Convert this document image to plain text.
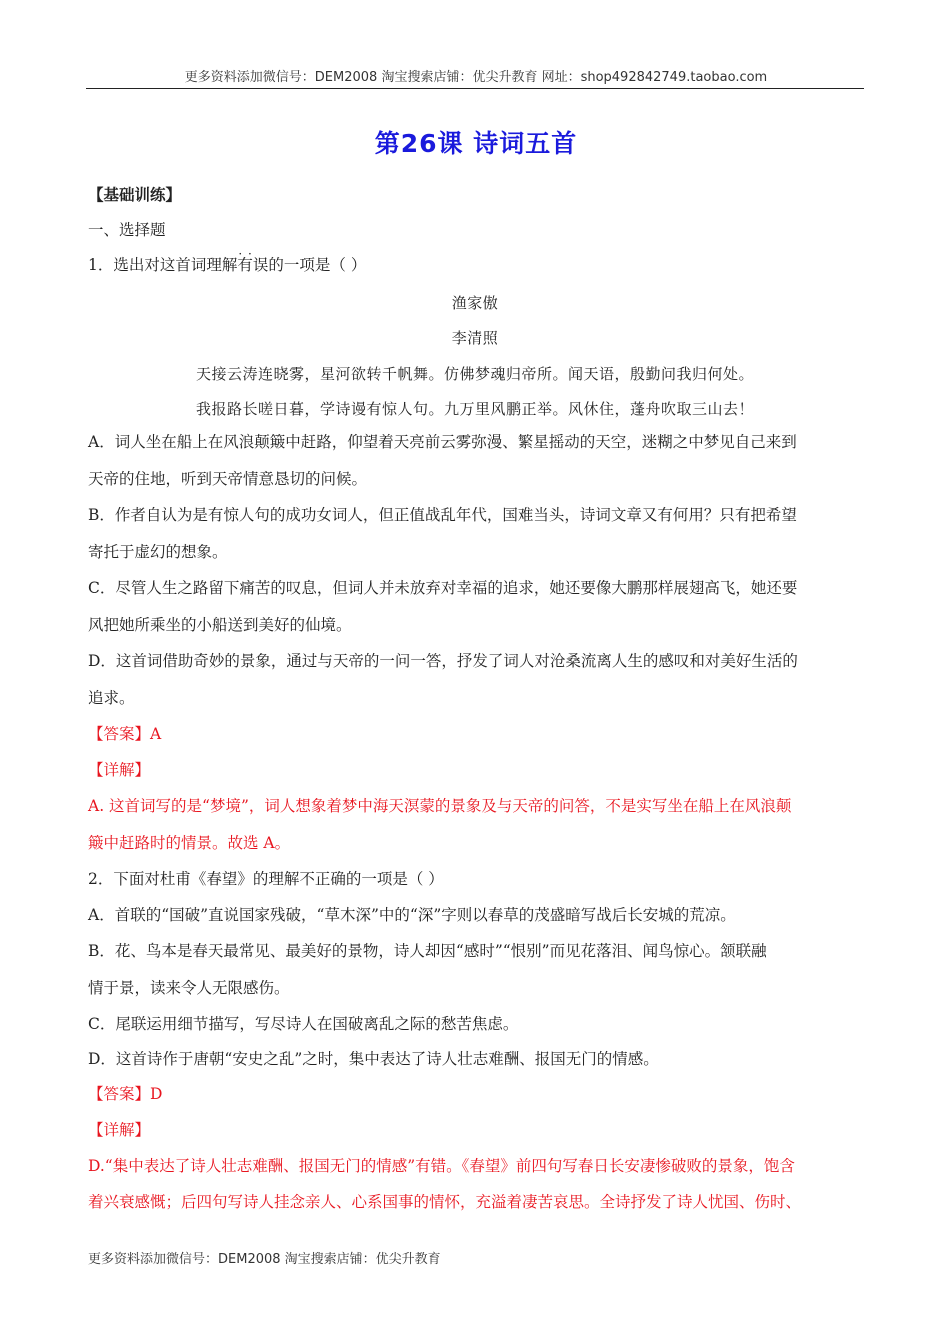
更多资料添加微信号：DEM2008 淘宝搜索店铺：优尖升教育 网址：shop492842749.taobao.com
第26课 诗词五首
【基础训练】
一、选择题
1．选出对这首词理解· · 有误的一项是（ ）
渔家傲
李清照
天接云涛连晓雾，星河欲转千帆舞。仿佛梦魂归帝所。闻天语，殷勤问我归何处。
我报路长嗟日暮，学诗谩有惊人句。九万里风鹏正举。风休住，蓬舟吹取三山去！
A．词人坐在船上在风浪颠簸中赶路，仰望着天亮前云雾弥漫、繁星摇动的天空，迷糊之中梦见自己来到
天帝的住地，听到天帝情意恳切的问候。
B．作者自认为是有惊人句的成功女词人，但正值战乱年代，国难当头，诗词文章又有何用？只有把希望
寄托于虚幻的想象。
C．尽管人生之路留下痛苦的叹息，但词人并未放弃对幸福的追求，她还要像大鹏那样展翅高飞，她还要
风把她所乘坐的小船送到美好的仙境。
D．这首词借助奇妙的景象，通过与天帝的一问一答，抒发了词人对沧桑流离人生的感叹和对美好生活的
追求。
【答案】A
【详解】
A. 这首词写的是“梦境”，词人想象着梦中海天溟蒙的景象及与天帝的问答，不是实写坐在船上在风浪颠
簸中赶路时的情景。故选 A。
2．下面对杜甫《春望》的理解不正确的一项是（ ）
A．首联的“国破”直说国家残破，“草木深”中的“深”字则以春草的茂盛暗写战后长安城的荒凉。
B．花、鸟本是春天最常见、最美好的景物，诗人却因“感时”“恨别”而见花落泪、闻鸟惊心。颔联融
情于景，读来令人无限感伤。
C．尾联运用细节描写，写尽诗人在国破离乱之际的愁苦焦虑。
D．这首诗作于唐朝“安史之乱”之时，集中表达了诗人壮志难酬、报国无门的情感。
【答案】D
【详解】
D.“集中表达了诗人壮志难酬、报国无门的情感”有错。《春望》前四句写春日长安凄惨破败的景象，饱含
着兴衰感慨；后四句写诗人挂念亲人、心系国事的情怀，充溢着凄苦哀思。全诗抒发了诗人忧国、伤时、
更多资料添加微信号：DEM2008 淘宝搜索店铺：优尖升教育
